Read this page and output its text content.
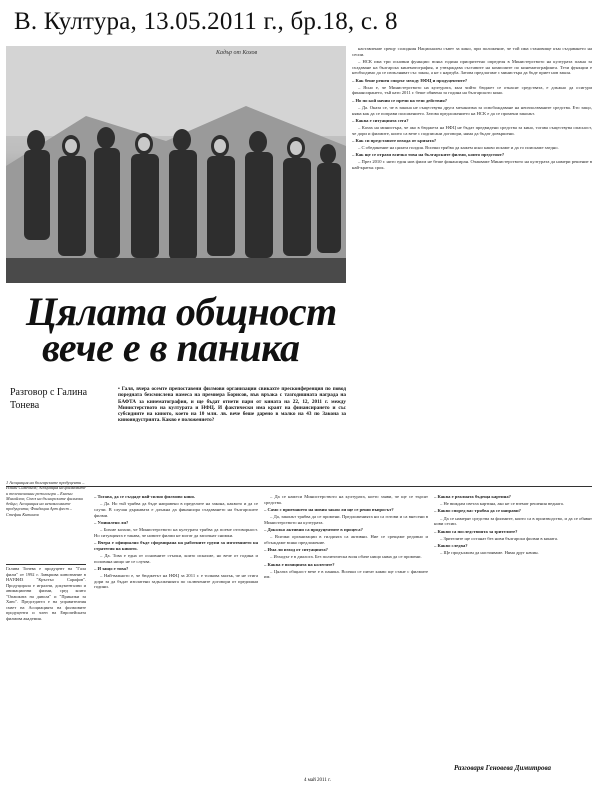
В. Култура, 13.05.2011 г., бр.18, с. 8
Кадър от Кохов

наставление срещу солидния Национален съвет за кино, при положение, че той има становище към създаването на сесии.

– НСК има три основни функции: всяка година приоритетно определя в Министерството на културата плана за създаване на българска кинематография, и утвърждава съставите на комисиите по кинематографията. Тези функции е необходимо да се изпълняват със закон, а не с наредба. Затова предлагаме с министъра да бъде приет нов закон.

– Как беше решен спорът между НФЦ и продуцентите?

– Ясно е, че Министерството на културата, към чийто бюджет се отнасят средствата, е длъжно да осигури финансирането, тъй като 2011 г. беше обявена за година на българското кино.

– Но по кой начин се пречи на тези действия?

– Да. Оказа се, че в закона не съществува друга механизма за освобождаване на неизползваните средства. Ето защо, няма как да се поправи положението. Затова предложението на НСК е да се промени законът.

– Каква е ситуацията сега?

– Казах на министъра, че ако в бюджета на НФЦ не бъдат предвидени средства за кино, тогава съществува опасност, че дори и филмите, които са вече с подписани договори, няма да бъдат довършени.

– Как си представяте изхода от кризата?

– С обединение на цялата гилдия. Всички трябва да кажем ясно какво искаме и да го поискаме заедно.

– Как ще се отрази всичко това на българските филми, които предстоят?

– През 2010 г. нито един нов филм не беше финансиран. Очакваме Министерството на културата да намери решение в най-кратък срок.

Цялата общност
вече е в паника
Разговор с Галина Тонева
• Галя, вчера осемте препоставени филмови организации свикахте пресконференция по повод поредната безсмислена намеса на премиера Борисов, във връзка с тазгодишната награда на БАФТА за кинематография, и ще бъдат отнети пари от кината на 22, 12, 2011 г. между Министерството на културата и НФЦ. И фактически има краят на финансирането и със субсидиите на киното, което на 10 млн. лв. вече беше дарено в малко на 43 по Закона за киноиндустрията. Какво е положението?
1 Асоциация на българските продуценти – Илиан Симеонов; Асоциация на филмовите и телевизионни режисьори – Евгени Михайлов; Съюз на българските филмови дейци; Асоциация на независимите продуценти; Фондация Арт фест – Стефан Китанов
Галина Тонева е продуцент на "Гала филм" от 1992 г. Завършва кинознание в НАТФИЗ "Кръстьо Сарафов". Продуцирала е игрални, документални и анимационни филми, сред които "Опашката на дявола" и "Приказки за Ханс". Председател е на управителния съвет на Асоциацията на филмовите продуценти и член на Европейската филмова академия.

– Тогава, да се създаде най-силно филмово кино.

– Да. Но тъй трябва да бъде направено в пределите на закона, каквото и да се случи. В случая държавата е длъжна да финансира създаването на българските филми.

– Умишлено ли?

– Бихме казали, че Министерството на културата трябва да поеме отговорност. Но ситуацията е такава, че новите филми не могат да започнат снимки.

– Вчера е официално бъде сформирана на работните групи за изготвянето на стратегия на киното.

– Да. Това е една от основните стъпки, които искахме, но вече от година и половина нищо не се случва.

– И защо е това?

– Най-важното е, че бюджетът на НФЦ за 2011 г. е толкова малък, че не стига дори за да бъдат изплатени задълженията по сключените договори от предишни години.

– Да се намеси Министерството на културата, което заяви, че ще се търсят средства.

– Само с приемането на новия закон ли ще се реши въпросът?

– Да, законът трябва да се промени. Предложенията ни са готови и са внесени в Министерството на културата.

– Доколко активни са продуцентите в процеса?

– Всички организации в гилдията са активни. Ние се срещаме редовно и обсъждаме всяко предложение.

– Има ли изход от ситуацията?

– Изходът е в диалога. Без политическа воля обаче нищо няма да се промени.

– Каква е позицията на колегите?

– Цялата общност вече е в паника. Всички се питат какво ще стане с филмите им.

– Каква е реалната бъдеща картина?

– Не виждам светла картина, ако не се вземат решения веднага.

– Какво според вас трябва да се направи?

– Да се намерят средства за филмите, които са в производство, и да се обявят нови сесии.

– Какви са последствията за зрителите?

– Зрителите ще останат без нови български филми в кината.

– Какво следва?

– Ще продължим да настояваме. Няма друг начин.

Разговаря Геновева Димитрова
4 май 2011 г.
